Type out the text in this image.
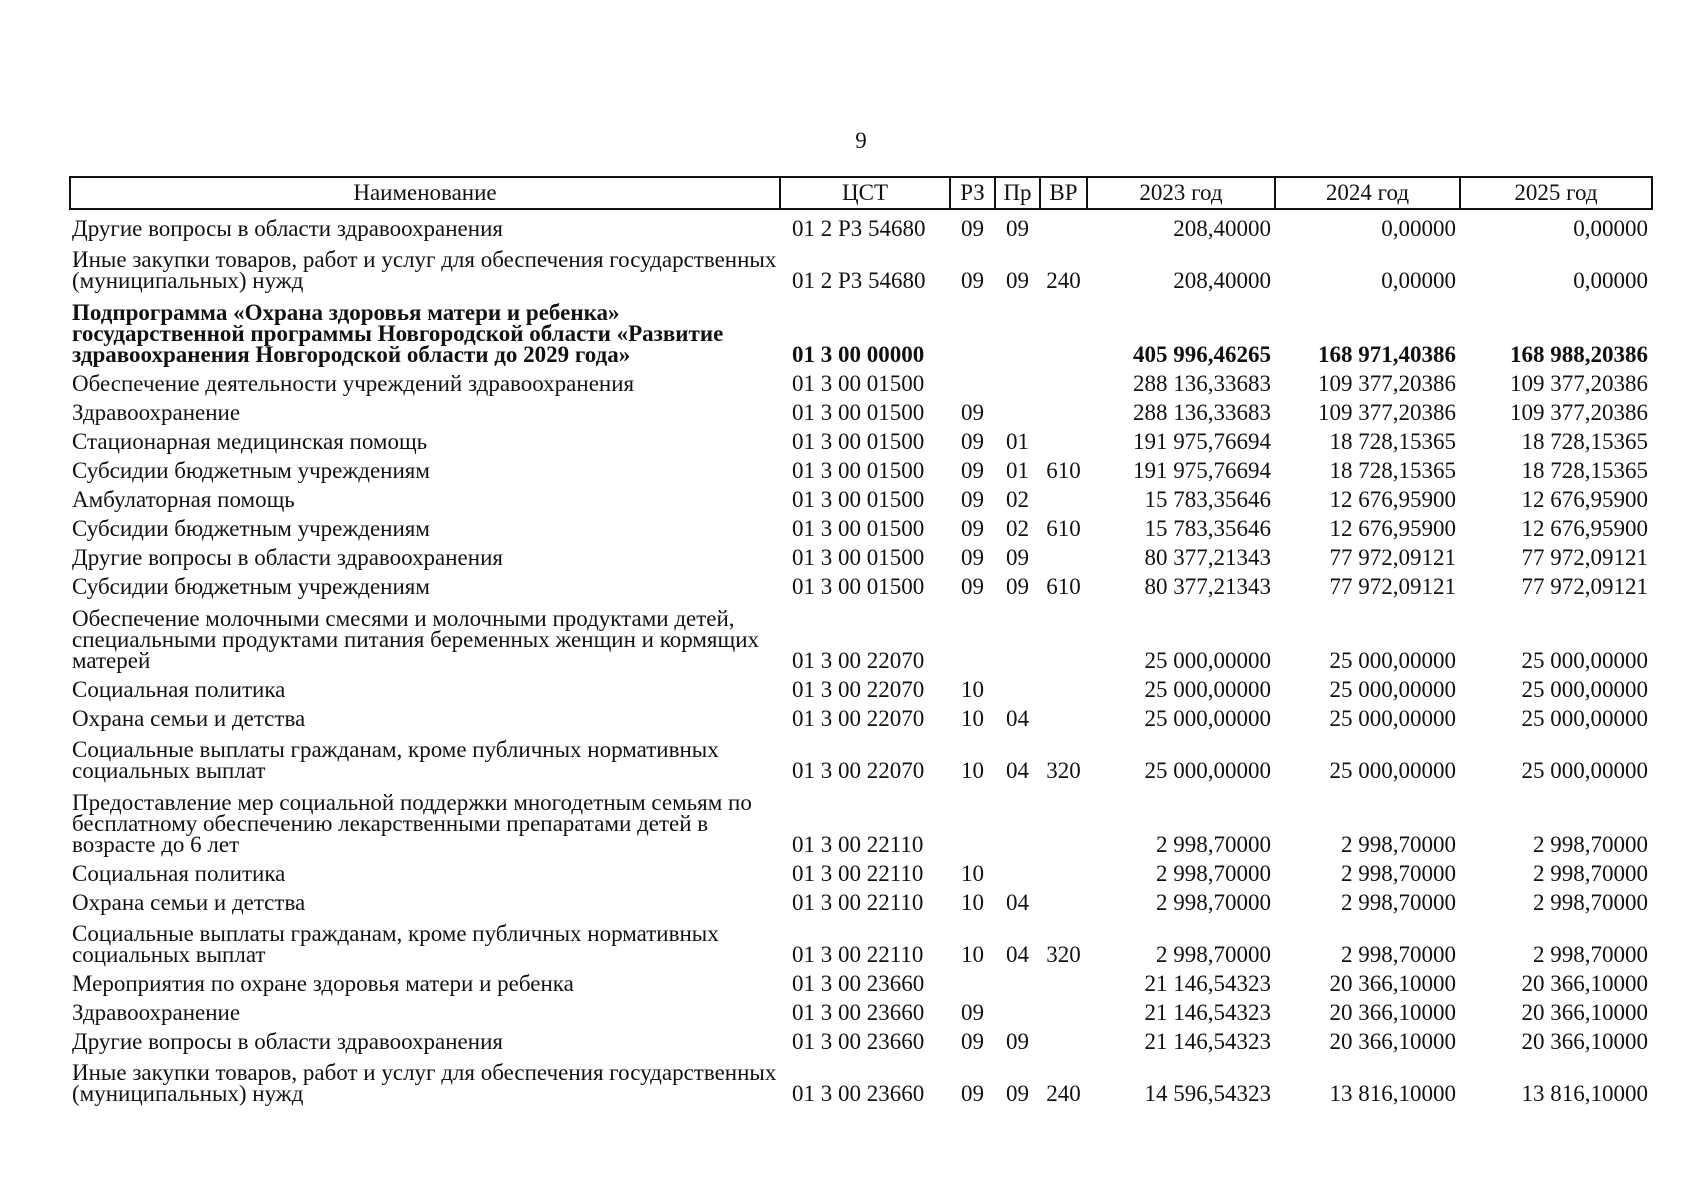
9
Наименование	ЦСТ	РЗ	Пр	ВР	2023 год	2024 год	2025 год
Другие вопросы в области здравоохранения	01 2 Р3 54680	09	09		208,40000	0,00000	0,00000
Иные закупки товаров, работ и услуг для обеспечения государственных (муниципальных) нужд	01 2 Р3 54680	09	09	240	208,40000	0,00000	0,00000
Подпрограмма «Охрана здоровья матери и ребенка» государственной программы Новгородской области «Развитие здравоохранения Новгородской области до 2029 года»	01 3 00 00000				405 996,46265	168 971,40386	168 988,20386
Обеспечение деятельности учреждений здравоохранения	01 3 00 01500				288 136,33683	109 377,20386	109 377,20386
Здравоохранение	01 3 00 01500	09			288 136,33683	109 377,20386	109 377,20386
Стационарная медицинская помощь	01 3 00 01500	09	01		191 975,76694	18 728,15365	18 728,15365
Субсидии бюджетным учреждениям	01 3 00 01500	09	01	610	191 975,76694	18 728,15365	18 728,15365
Амбулаторная помощь	01 3 00 01500	09	02		15 783,35646	12 676,95900	12 676,95900
Субсидии бюджетным учреждениям	01 3 00 01500	09	02	610	15 783,35646	12 676,95900	12 676,95900
Другие вопросы в области здравоохранения	01 3 00 01500	09	09		80 377,21343	77 972,09121	77 972,09121
Субсидии бюджетным учреждениям	01 3 00 01500	09	09	610	80 377,21343	77 972,09121	77 972,09121
Обеспечение молочными смесями и молочными продуктами детей, специальными продуктами питания беременных женщин и кормящих матерей	01 3 00 22070				25 000,00000	25 000,00000	25 000,00000
Социальная политика	01 3 00 22070	10			25 000,00000	25 000,00000	25 000,00000
Охрана семьи и детства	01 3 00 22070	10	04		25 000,00000	25 000,00000	25 000,00000
Социальные выплаты гражданам, кроме публичных нормативных социальных выплат	01 3 00 22070	10	04	320	25 000,00000	25 000,00000	25 000,00000
Предоставление мер социальной поддержки многодетным семьям по бесплатному обеспечению лекарственными препаратами детей в возрасте до 6 лет	01 3 00 22110				2 998,70000	2 998,70000	2 998,70000
Социальная политика	01 3 00 22110	10			2 998,70000	2 998,70000	2 998,70000
Охрана семьи и детства	01 3 00 22110	10	04		2 998,70000	2 998,70000	2 998,70000
Социальные выплаты гражданам, кроме публичных нормативных социальных выплат	01 3 00 22110	10	04	320	2 998,70000	2 998,70000	2 998,70000
Мероприятия по охране здоровья матери и ребенка	01 3 00 23660				21 146,54323	20 366,10000	20 366,10000
Здравоохранение	01 3 00 23660	09			21 146,54323	20 366,10000	20 366,10000
Другие вопросы в области здравоохранения	01 3 00 23660	09	09		21 146,54323	20 366,10000	20 366,10000
Иные закупки товаров, работ и услуг для обеспечения государственных (муниципальных) нужд	01 3 00 23660	09	09	240	14 596,54323	13 816,10000	13 816,10000
